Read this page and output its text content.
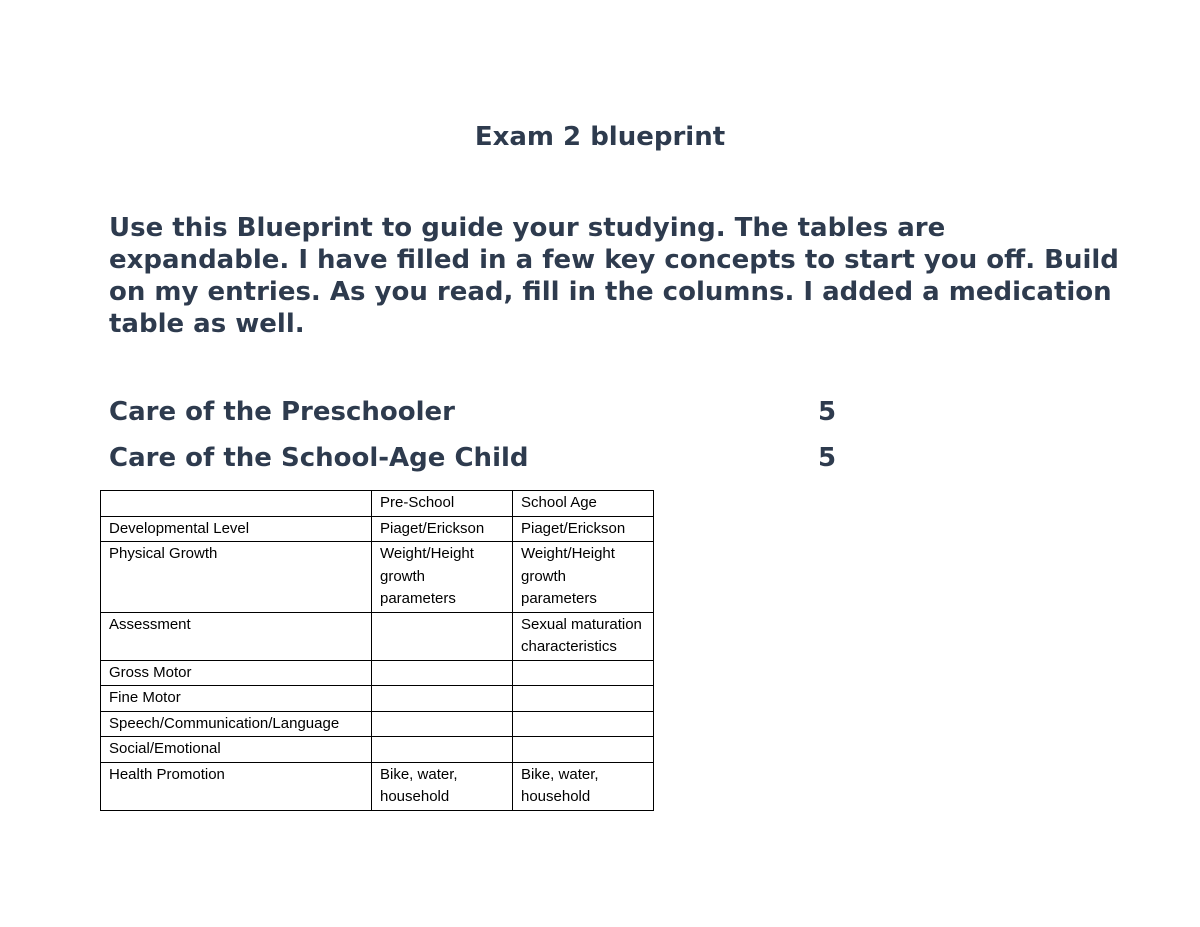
Exam 2 blueprint

Use this Blueprint to guide your studying. The tables are expandable. I have filled in a few key concepts to start you off. Build on my entries. As you read, fill in the columns. I added a medication table as well.

Care of the Preschooler	5
Care of the School-Age Child	5
	Pre-School	School Age
Developmental Level	Piaget/Erickson	Piaget/Erickson
Physical Growth	Weight/Height growth parameters	Weight/Height growth parameters
Assessment		Sexual maturation characteristics
Gross Motor		
Fine Motor		
Speech/Communication/Language		
Social/Emotional		
Health Promotion	Bike, water, household	Bike, water, household
